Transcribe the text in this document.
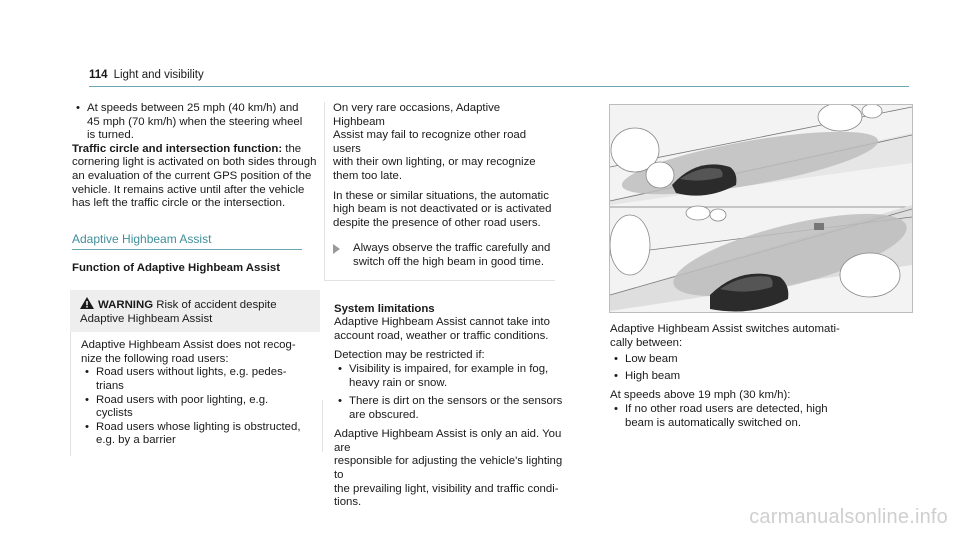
114 Light and visibility
• At speeds between 25 mph (40 km/h) and
45 mph (70 km/h) when the steering wheel
is turned.

Traffic circle and intersection function: the
cornering light is activated on both sides through
an evaluation of the current GPS position of the
vehicle. It remains active until after the vehicle
has left the traffic circle or the intersection.

Adaptive Highbeam Assist
Function of Adaptive Highbeam Assist
WARNING Risk of accident despite
Adaptive Highbeam Assist

Adaptive Highbeam Assist does not recog-
nize the following road users:

• Road users without lights, e.g. pedes-
trians
• Road users with poor lighting, e.g.
cyclists
• Road users whose lighting is obstructed,
e.g. by a barrier

On very rare occasions, Adaptive Highbeam
Assist may fail to recognize other road users
with their own lighting, or may recognize
them too late.

In these or similar situations, the automatic
high beam is not deactivated or is activated
despite the presence of other road users.

Always observe the traffic carefully and
switch off the high beam in good time.
System limitations

Adaptive Highbeam Assist cannot take into
account road, weather or traffic conditions.

Detection may be restricted if:

• Visibility is impaired, for example in fog,
heavy rain or snow.
• There is dirt on the sensors or the sensors
are obscured.

Adaptive Highbeam Assist is only an aid. You are
responsible for adjusting the vehicle's lighting to
the prevailing light, visibility and traffic condi-
tions.

Adaptive Highbeam Assist switches automati-
cally between:

• Low beam
• High beam

At speeds above 19 mph (30 km/h):

• If no other road users are detected, high
beam is automatically switched on.
carmanualsonline.info
